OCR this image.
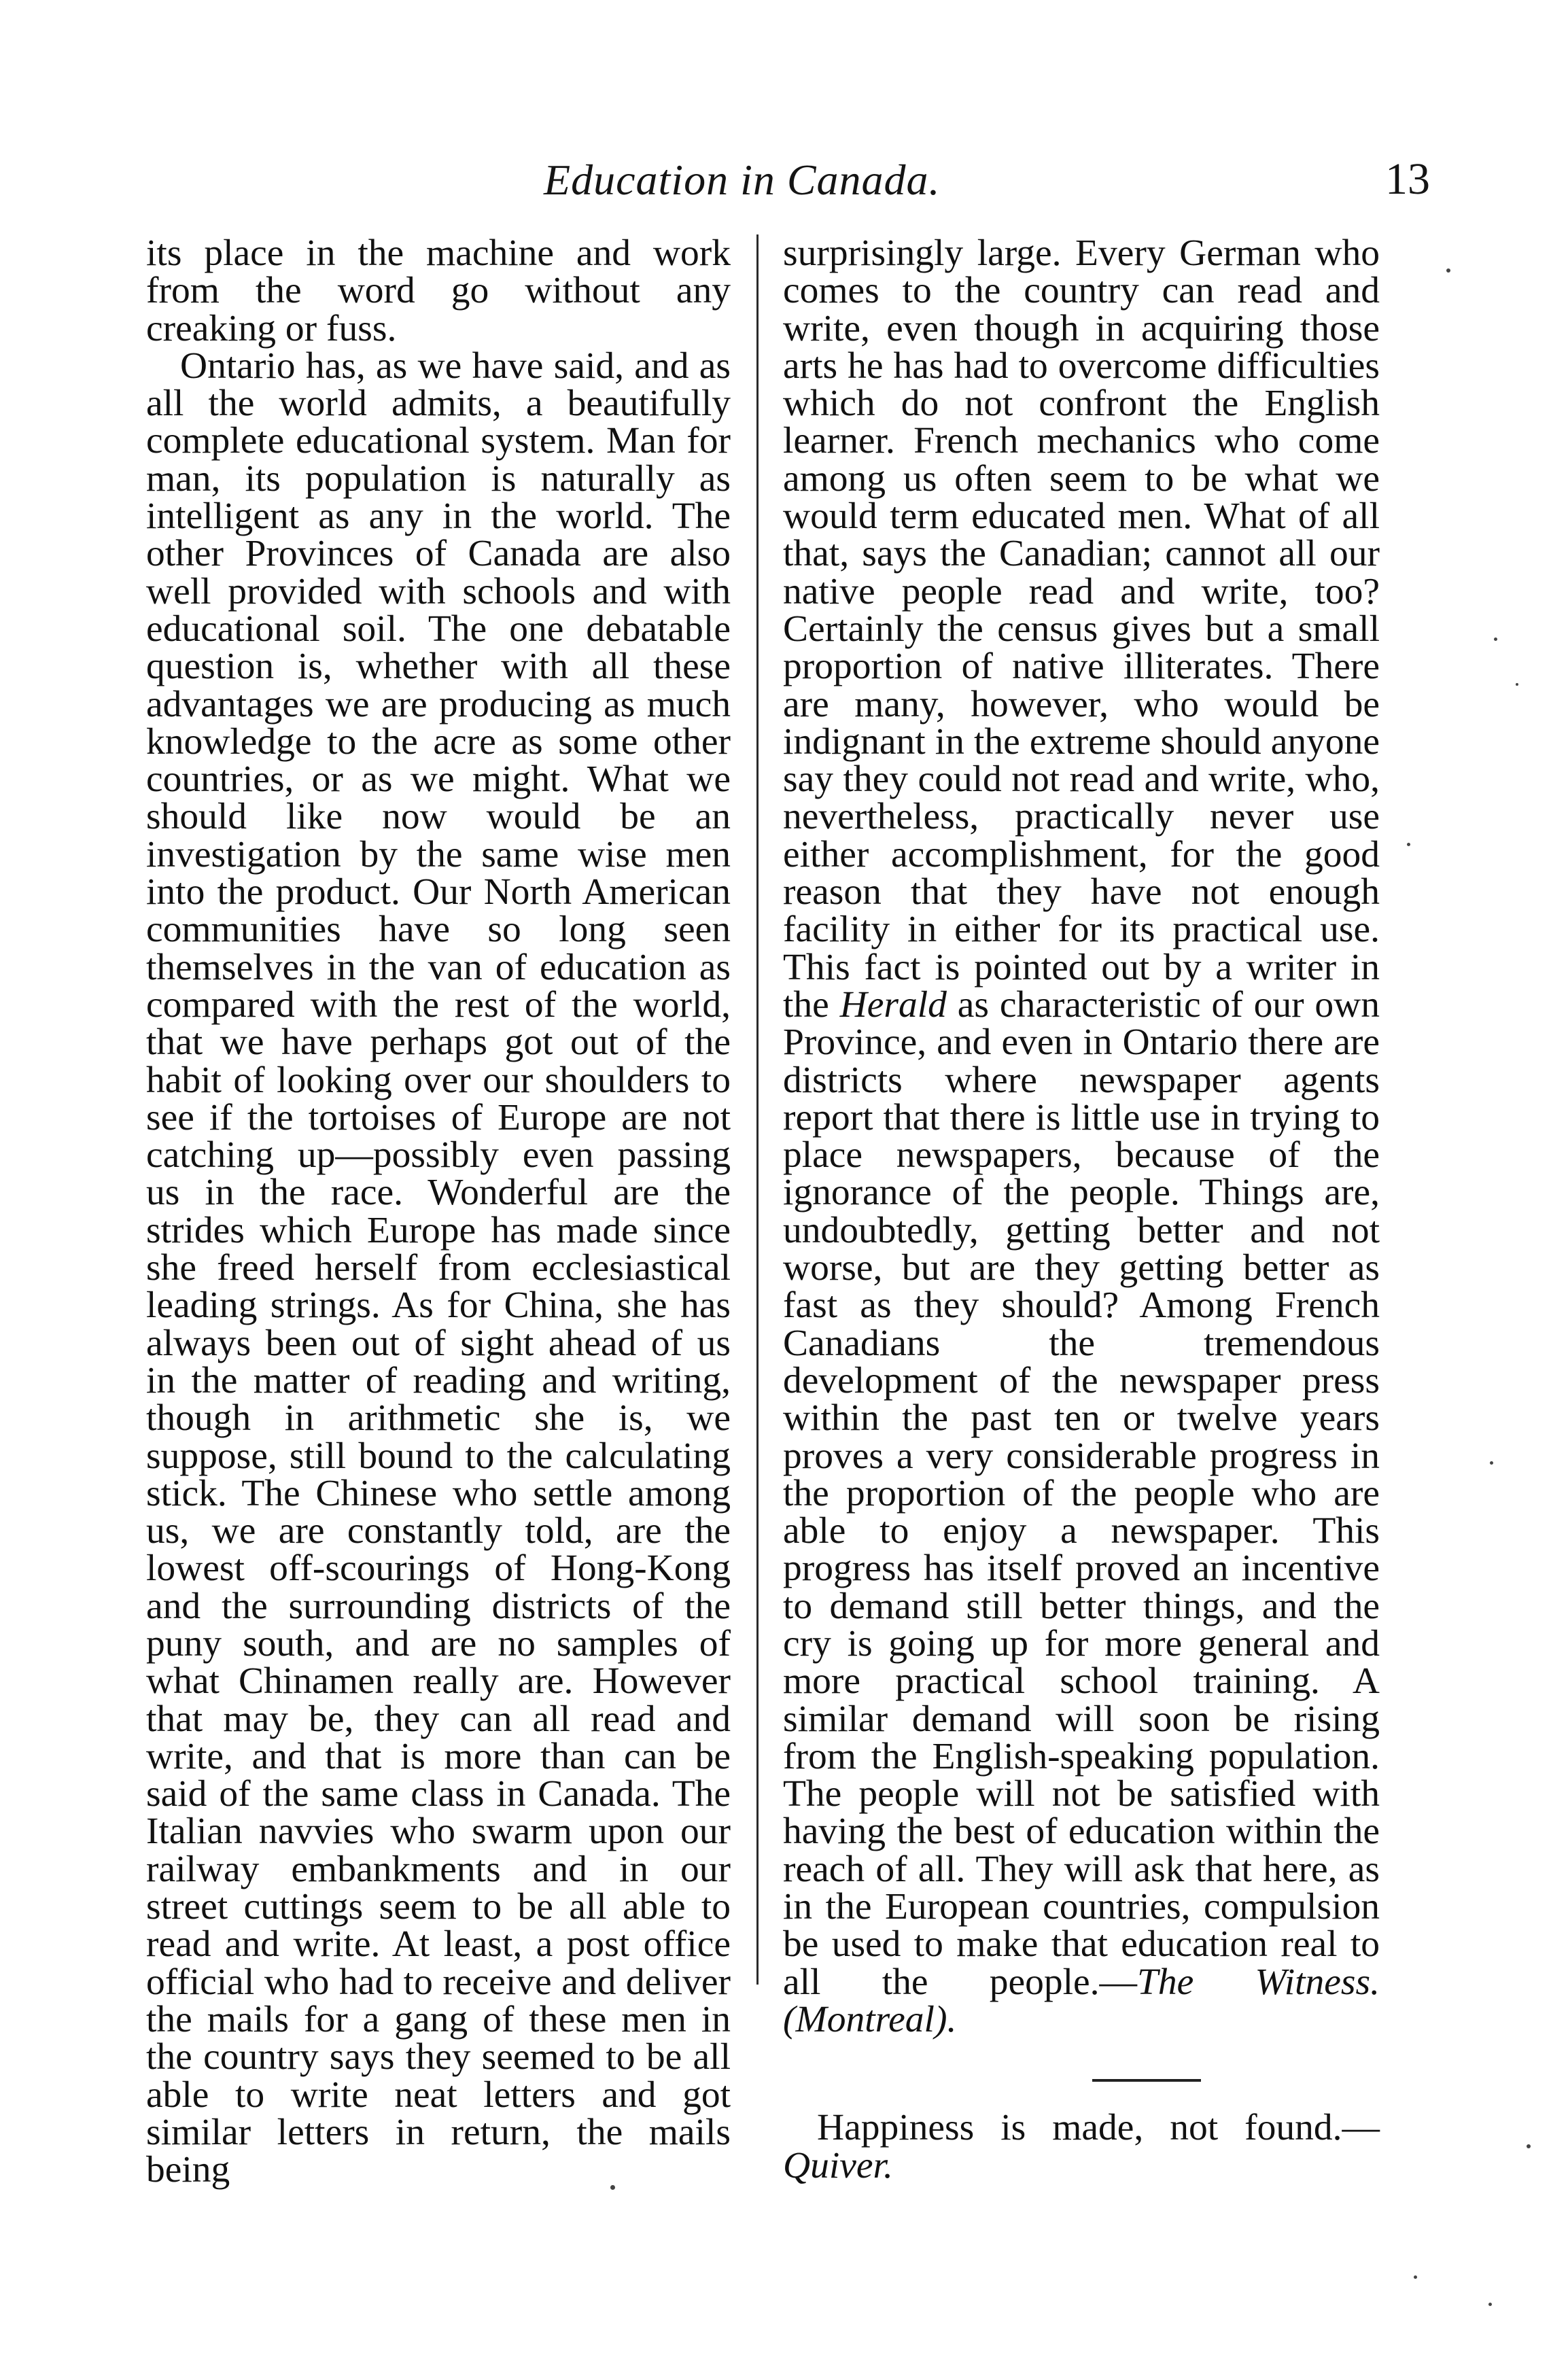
Education in Canada.	13

its place in the machine and work from the word go without any creaking or fuss.

Ontario has, as we have said, and as all the world admits, a beautifully complete educational system. Man for man, its population is naturally as intelligent as any in the world. The other Provinces of Canada are also well provided with schools and with educational soil. The one debatable question is, whether with all these advantages we are producing as much knowledge to the acre as some other countries, or as we might. What we should like now would be an investigation by the same wise men into the product. Our North American communities have so long seen themselves in the van of education as compared with the rest of the world, that we have perhaps got out of the habit of looking over our shoulders to see if the tortoises of Europe are not catching up—possibly even passing us in the race. Wonderful are the strides which Europe has made since she freed herself from ecclesiastical leading strings. As for China, she has always been out of sight ahead of us in the matter of reading and writing, though in arithmetic she is, we suppose, still bound to the calculating stick. The Chinese who settle among us, we are constantly told, are the lowest off-scourings of Hong-Kong and the surrounding districts of the puny south, and are no samples of what Chinamen really are. However that may be, they can all read and write, and that is more than can be said of the same class in Canada. The Italian navvies who swarm upon our railway embankments and in our street cuttings seem to be all able to read and write. At least, a post office official who had to receive and deliver the mails for a gang of these men in the country says they seemed to be all able to write neat letters and got similar letters in return, the mails being

surprisingly large. Every German who comes to the country can read and write, even though in acquiring those arts he has had to overcome difficulties which do not confront the English learner. French mechanics who come among us often seem to be what we would term educated men. What of all that, says the Canadian; cannot all our native people read and write, too? Certainly the census gives but a small proportion of native illiterates. There are many, however, who would be indignant in the extreme should anyone say they could not read and write, who, nevertheless, practically never use either accomplishment, for the good reason that they have not enough facility in either for its practical use. This fact is pointed out by a writer in the Herald as characteristic of our own Province, and even in Ontario there are districts where newspaper agents report that there is little use in trying to place newspapers, because of the ignorance of the people. Things are, undoubtedly, getting better and not worse, but are they getting better as fast as they should? Among French Canadians the tremendous development of the newspaper press within the past ten or twelve years proves a very considerable progress in the proportion of the people who are able to enjoy a newspaper. This progress has itself proved an incentive to demand still better things, and the cry is going up for more general and more practical school training. A similar demand will soon be rising from the English-speaking population. The people will not be satisfied with having the best of education within the reach of all. They will ask that here, as in the European countries, compulsion be used to make that education real to all the people.—The Witness. (Montreal).

Happiness is made, not found.— Quiver.
